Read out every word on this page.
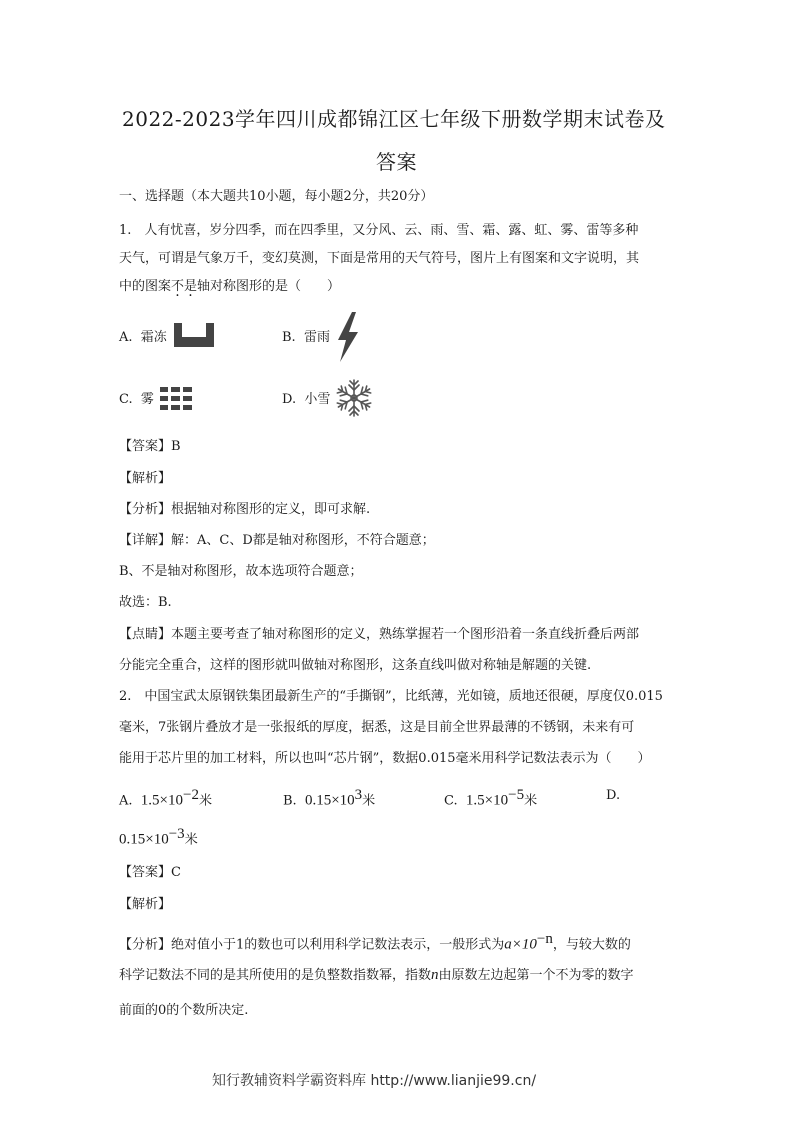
2022-2023学年四川成都锦江区七年级下册数学期末试卷及
答案
一、选择题（本大题共10小题，每小题2分，共20分）
1.　人有忧喜，岁分四季，而在四季里，又分风、云、雨、雪、霜、露、虹、雾、雷等多种
天气，可谓是气象万千，变幻莫测，下面是常用的天气符号，图片上有图案和文字说明，其
中的图案不是轴对称图形的是（　　）
A. 霜冻	B. 雷雨
C. 雾	D. 小雪
【答案】B
【解析】
【分析】根据轴对称图形的定义，即可求解.
【详解】解：A、C、D都是轴对称图形，不符合题意；
B、不是轴对称图形，故本选项符合题意；
故选：B.
【点睛】本题主要考查了轴对称图形的定义，熟练掌握若一个图形沿着一条直线折叠后两部
分能完全重合，这样的图形就叫做轴对称图形，这条直线叫做对称轴是解题的关键.
2.　中国宝武太原钢铁集团最新生产的“手撕钢”，比纸薄，光如镜，质地还很硬，厚度仅0.015
毫米，7张钢片叠放才是一张报纸的厚度，据悉，这是目前全世界最薄的不锈钢，未来有可
能用于芯片里的加工材料，所以也叫“芯片钢”，数据0.015毫米用科学记数法表示为（　　）
A. $1.5\times 10^{-2}$米	B. $0.15\times 10^3$米	C. $1.5\times 10^{-5}$米	D.
$0.15\times 10^{-3}$米
【答案】C
【解析】
【分析】绝对值小于1的数也可以利用科学记数法表示，一般形式为$a\times 10^{-n}$，与较大数的
科学记数法不同的是其所使用的是负整数指数幂，指数n由原数左边起第一个不为零的数字
前面的0的个数所决定.
知行教辅资料学霸资料库 http://www.lianjie99.cn/
